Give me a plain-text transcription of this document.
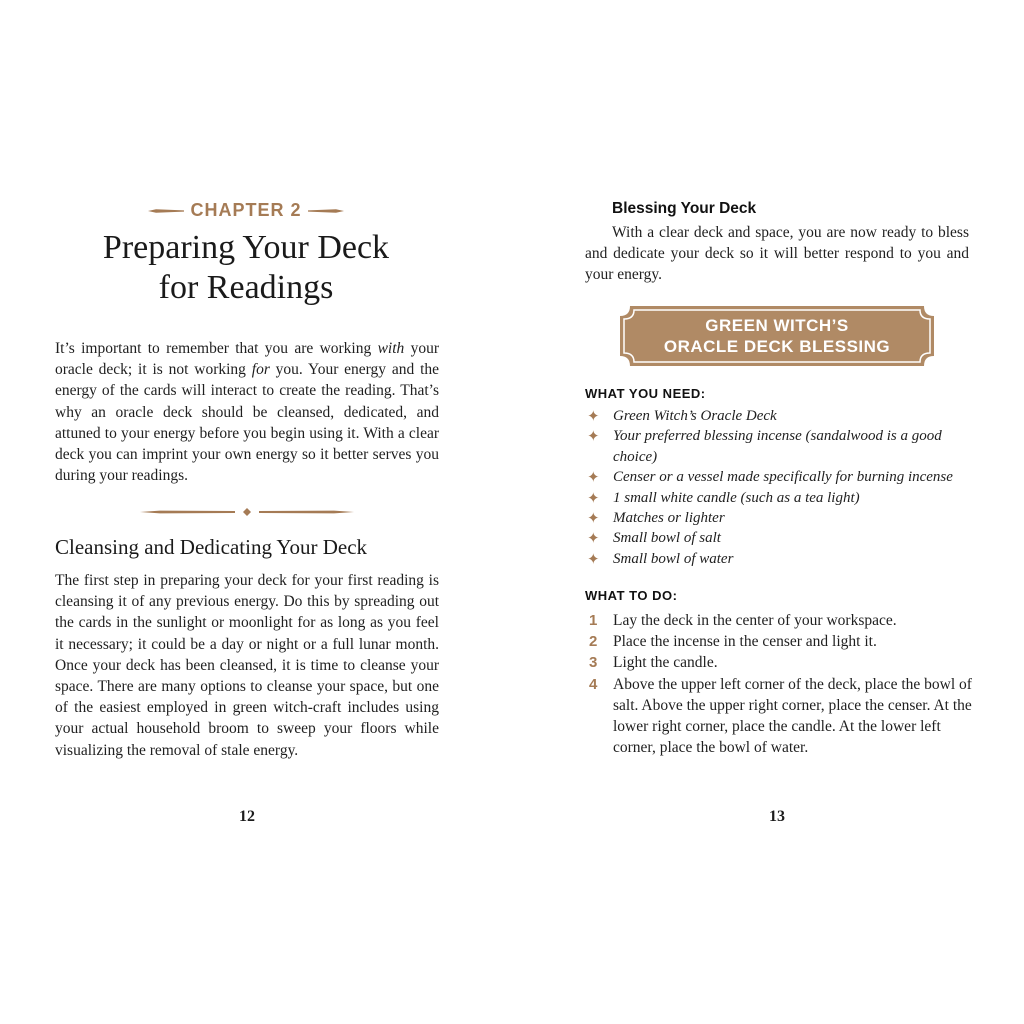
CHAPTER 2
Preparing Your Deck
for Readings
It’s important to remember that you are working with your oracle deck; it is not working for you. Your energy and the energy of the cards will interact to create the reading. That’s why an oracle deck should be cleansed, dedicated, and attuned to your energy before you begin using it. With a clear deck you can imprint your own energy so it better serves you during your readings.
Cleansing and Dedicating Your Deck
The first step in preparing your deck for your first reading is cleansing it of any previous energy. Do this by spreading out the cards in the sunlight or moonlight for as long as you feel it necessary; it could be a day or night or a full lunar month. Once your deck has been cleansed, it is time to cleanse your space. There are many options to cleanse your space, but one of the easiest employed in green witch-craft includes using your actual household broom to sweep your floors while visualizing the removal of stale energy.
12
Blessing Your Deck
With a clear deck and space, you are now ready to bless and dedicate your deck so it will better respond to you and your energy.
GREEN WITCH’S
ORACLE DECK BLESSING
WHAT YOU NEED:
✦ Green Witch’s Oracle Deck
✦ Your preferred blessing incense (sandalwood is a good choice)
✦ Censer or a vessel made specifically for burning incense
✦ 1 small white candle (such as a tea light)
✦ Matches or lighter
✦ Small bowl of salt
✦ Small bowl of water
WHAT TO DO:
1 Lay the deck in the center of your workspace.
2 Place the incense in the censer and light it.
3 Light the candle.
4 Above the upper left corner of the deck, place the bowl of salt. Above the upper right corner, place the censer. At the lower right corner, place the candle. At the lower left corner, place the bowl of water.
13
